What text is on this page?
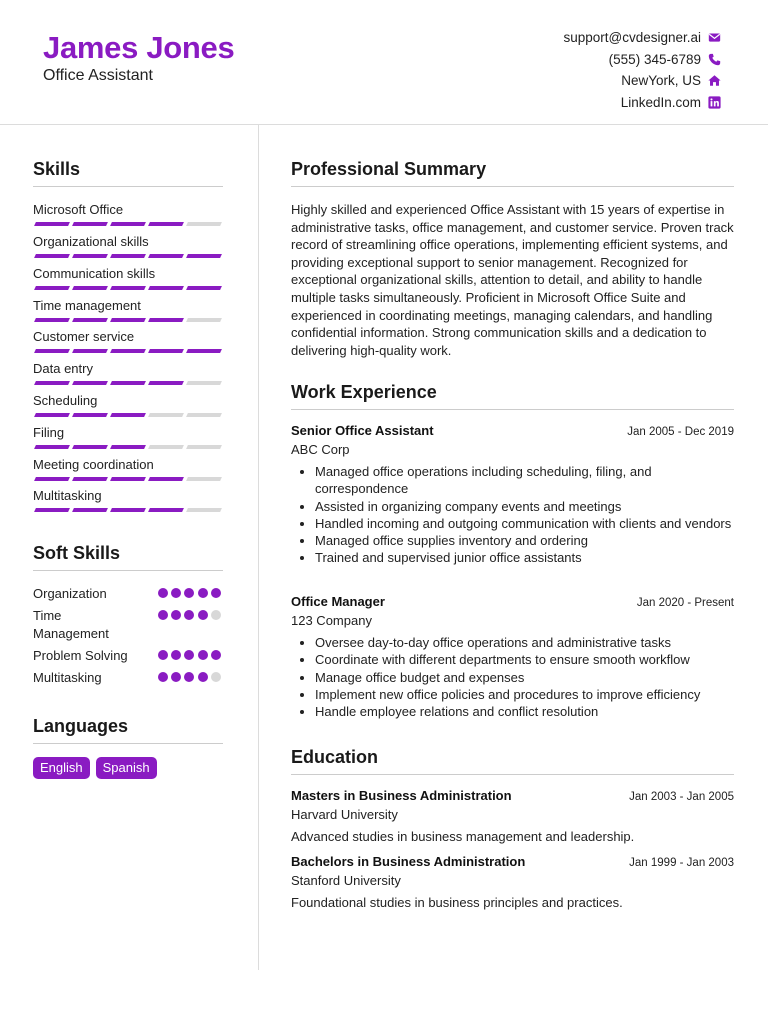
James Jones
Office Assistant
support@cvdesigner.ai
(555) 345-6789
NewYork, US
LinkedIn.com
Skills
Microsoft Office
Organizational skills
Communication skills
Time management
Customer service
Data entry
Scheduling
Filing
Meeting coordination
Multitasking
Soft Skills
Organization
Time Management
Problem Solving
Multitasking
Languages
English	Spanish
Professional Summary
Highly skilled and experienced Office Assistant with 15 years of expertise in administrative tasks, office management, and customer service. Proven track record of streamlining office operations, implementing efficient systems, and providing exceptional support to senior management. Recognized for exceptional organizational skills, attention to detail, and ability to handle multiple tasks simultaneously. Proficient in Microsoft Office Suite and experienced in coordinating meetings, managing calendars, and handling confidential information. Strong communication skills and a dedication to delivering high-quality work.
Work Experience
Senior Office Assistant	Jan 2005 - Dec 2019
ABC Corp
• Managed office operations including scheduling, filing, and correspondence
• Assisted in organizing company events and meetings
• Handled incoming and outgoing communication with clients and vendors
• Managed office supplies inventory and ordering
• Trained and supervised junior office assistants
Office Manager	Jan 2020 - Present
123 Company
• Oversee day-to-day office operations and administrative tasks
• Coordinate with different departments to ensure smooth workflow
• Manage office budget and expenses
• Implement new office policies and procedures to improve efficiency
• Handle employee relations and conflict resolution
Education
Masters in Business Administration	Jan 2003 - Jan 2005
Harvard University
Advanced studies in business management and leadership.
Bachelors in Business Administration	Jan 1999 - Jan 2003
Stanford University
Foundational studies in business principles and practices.
